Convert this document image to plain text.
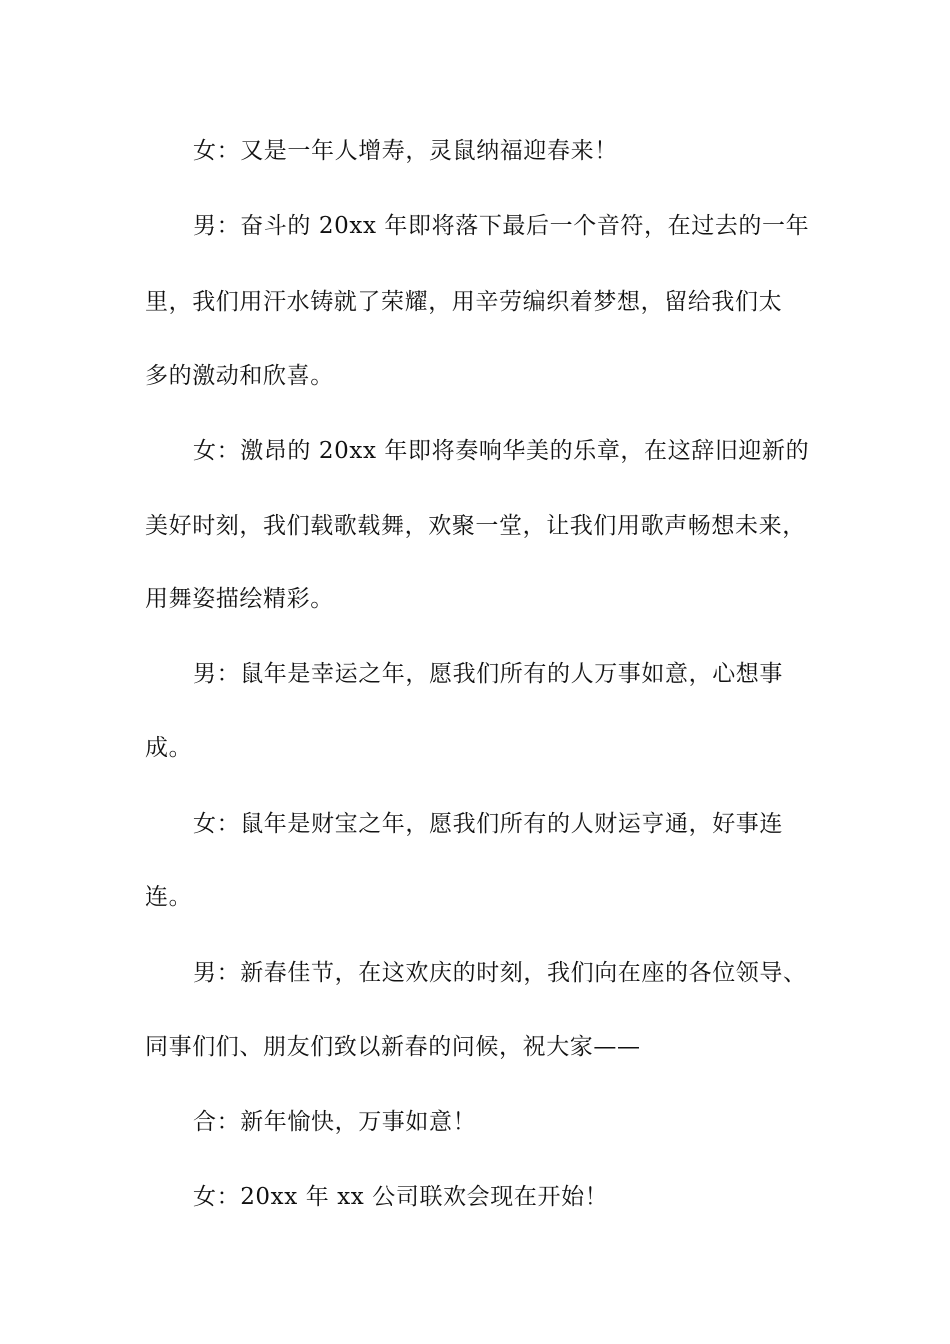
女：又是一年人增寿，灵鼠纳福迎春来！
男：奋斗的 20xx 年即将落下最后一个音符，在过去的一年
里，我们用汗水铸就了荣耀，用辛劳编织着梦想，留给我们太
多的激动和欣喜。
女：激昂的 20xx 年即将奏响华美的乐章，在这辞旧迎新的
美好时刻，我们载歌载舞，欢聚一堂，让我们用歌声畅想未来，
用舞姿描绘精彩。
男：鼠年是幸运之年，愿我们所有的人万事如意，心想事
成。
女：鼠年是财宝之年，愿我们所有的人财运亨通，好事连
连。
男：新春佳节，在这欢庆的时刻，我们向在座的各位领导、
同事们们、朋友们致以新春的问候，祝大家——
合：新年愉快，万事如意！
女：20xx 年 xx 公司联欢会现在开始！
